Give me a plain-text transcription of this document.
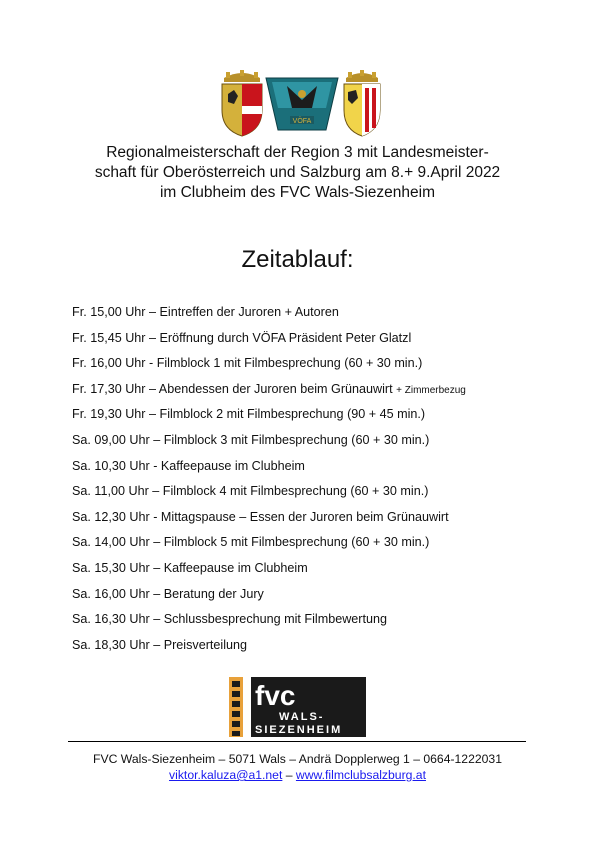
VÖFA
Regionalmeisterschaft der Region 3 mit Landesmeister-
schaft für Oberösterreich und Salzburg am 8.+ 9.April 2022
im Clubheim des FVC Wals-Siezenheim
Zeitablauf:
Fr. 15,00 Uhr – Eintreffen der Juroren + Autoren
Fr. 15,45 Uhr – Eröffnung durch VÖFA Präsident Peter Glatzl
Fr. 16,00 Uhr - Filmblock 1 mit Filmbesprechung (60 + 30 min.)
Fr. 17,30 Uhr – Abendessen der Juroren beim Grünauwirt + Zimmerbezug
Fr. 19,30 Uhr – Filmblock 2 mit Filmbesprechung (90 + 45 min.)
Sa. 09,00 Uhr – Filmblock 3 mit Filmbesprechung (60 + 30 min.)
Sa. 10,30 Uhr - Kaffeepause im Clubheim
Sa. 11,00 Uhr – Filmblock 4 mit Filmbesprechung (60 + 30 min.)
Sa. 12,30 Uhr - Mittagspause – Essen der Juroren beim Grünauwirt
Sa. 14,00 Uhr – Filmblock 5 mit Filmbesprechung (60 + 30 min.)
Sa. 15,30 Uhr – Kaffeepause im Clubheim
Sa. 16,00 Uhr – Beratung der Jury
Sa. 16,30 Uhr – Schlussbesprechung mit Filmbewertung
Sa. 18,30 Uhr – Preisverteilung
fvc
WALS-
SIEZENHEIM
FVC Wals-Siezenheim – 5071 Wals – Andrä Dopplerweg 1 – 0664-1222031
viktor.kaluza@a1.net – www.filmclubsalzburg.at
